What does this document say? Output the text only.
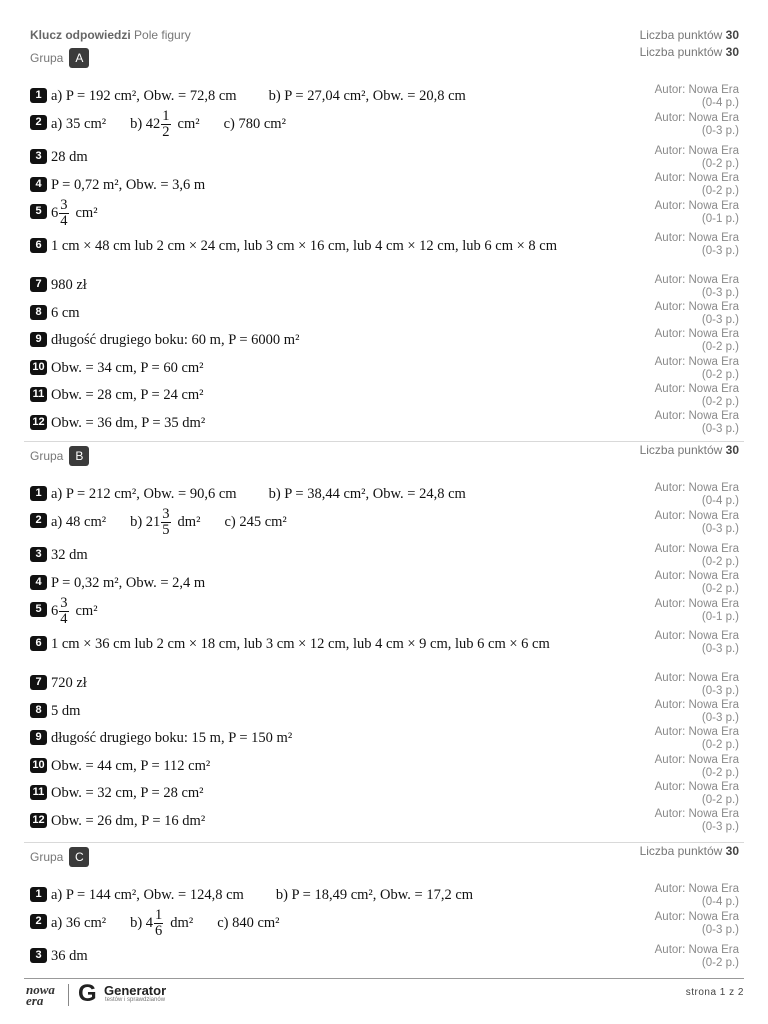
Klucz odpowiedzi Pole figury	Liczba punktów 30
Grupa A	Liczba punktów 30
1 a) P = 192 cm², Obw. = 72,8 cm b) P = 27,04 cm², Obw. = 20,8 cm	Autor: Nowa Era
(0-4 p.)
2 a) 35 cm² b) $42 \frac{1}{2} cm^2$ c) 780 cm²	Autor: Nowa Era
(0-3 p.)
3 28 dm	Autor: Nowa Era
(0-2 p.)
4 P = 0,72 m², Obw. = 3,6 m	Autor: Nowa Era
(0-2 p.)
5 $6 \frac{3}{4} cm^2$	Autor: Nowa Era
(0-1 p.)
6 1 cm × 48 cm lub 2 cm × 24 cm, lub 3 cm × 16 cm, lub 4 cm × 12 cm, lub 6 cm × 8 cm	Autor: Nowa Era
(0-3 p.)
7 980 zł	Autor: Nowa Era
(0-3 p.)
8 6 cm	Autor: Nowa Era
(0-3 p.)
9 długość drugiego boku: 60 m, P = 6000 m²	Autor: Nowa Era
(0-2 p.)
10 Obw. = 34 cm, P = 60 cm²	Autor: Nowa Era
(0-2 p.)
11 Obw. = 28 cm, P = 24 cm²	Autor: Nowa Era
(0-2 p.)
12 Obw. = 36 dm, P = 35 dm²	Autor: Nowa Era
(0-3 p.)
Grupa B	Liczba punktów 30
1 a) P = 212 cm², Obw. = 90,6 cm b) P = 38,44 cm², Obw. = 24,8 cm	Autor: Nowa Era
(0-4 p.)
2 a) 48 cm² b) $21 \frac{3}{5} dm^2$ c) 245 cm²	Autor: Nowa Era
(0-3 p.)
3 32 dm	Autor: Nowa Era
(0-2 p.)
4 P = 0,32 m², Obw. = 2,4 m	Autor: Nowa Era
(0-2 p.)
5 $6 \frac{3}{4} cm^2$	Autor: Nowa Era
(0-1 p.)
6 1 cm × 36 cm lub 2 cm × 18 cm, lub 3 cm × 12 cm, lub 4 cm × 9 cm, lub 6 cm × 6 cm	Autor: Nowa Era
(0-3 p.)
7 720 zł	Autor: Nowa Era
(0-3 p.)
8 5 dm	Autor: Nowa Era
(0-3 p.)
9 długość drugiego boku: 15 m, P = 150 m²	Autor: Nowa Era
(0-2 p.)
10 Obw. = 44 cm, P = 112 cm²	Autor: Nowa Era
(0-2 p.)
11 Obw. = 32 cm, P = 28 cm²	Autor: Nowa Era
(0-2 p.)
12 Obw. = 26 dm, P = 16 dm²	Autor: Nowa Era
(0-3 p.)
Grupa C	Liczba punktów 30
1 a) P = 144 cm², Obw. = 124,8 cm b) P = 18,49 cm², Obw. = 17,2 cm	Autor: Nowa Era
(0-4 p.)
2 a) 36 cm² b) $4 \frac{1}{6} dm^2$ c) 840 cm²	Autor: Nowa Era
(0-3 p.)
3 36 dm	Autor: Nowa Era
(0-2 p.)
nowa
era	G Generator
testów i sprawdzianów
strona 1 z 2
